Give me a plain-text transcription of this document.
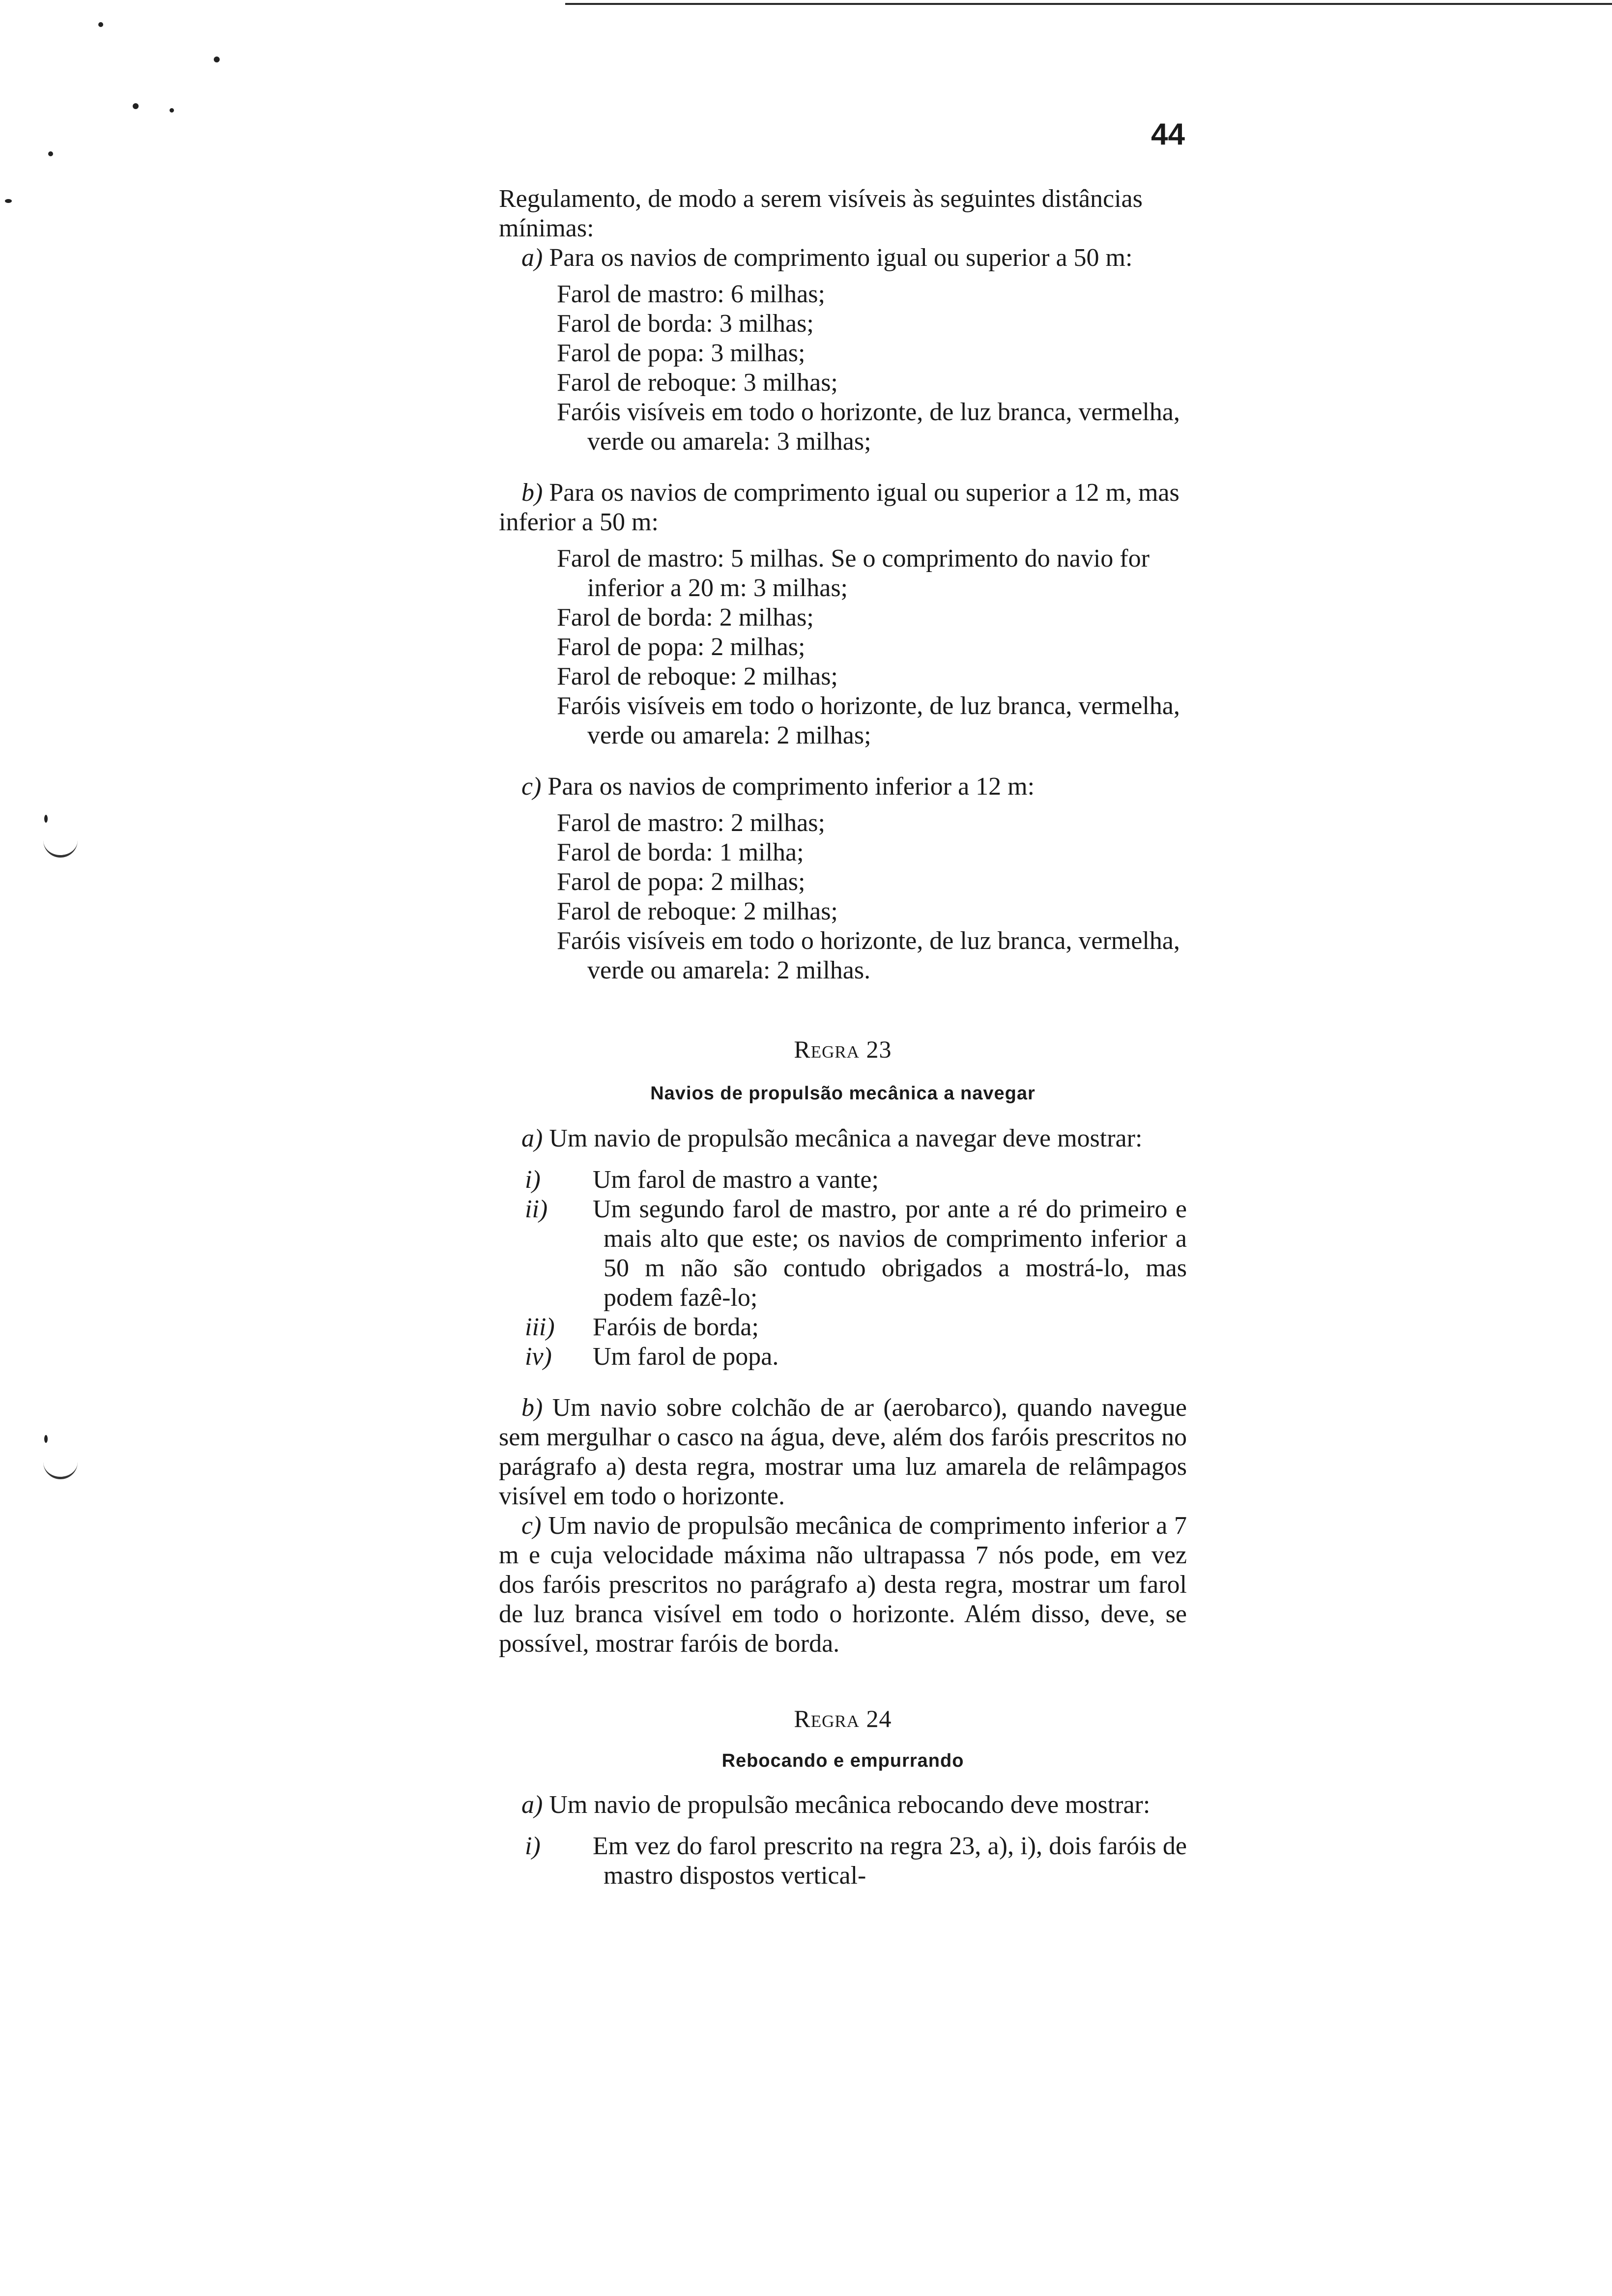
44

Regulamento, de modo a serem visíveis às seguintes distâncias mínimas:

a) Para os navios de comprimento igual ou superior a 50 m:

Farol de mastro: 6 milhas;
Farol de borda: 3 milhas;
Farol de popa: 3 milhas;
Farol de reboque: 3 milhas;
Faróis visíveis em todo o horizonte, de luz branca, vermelha, verde ou amarela: 3 milhas;

b) Para os navios de comprimento igual ou superior a 12 m, mas inferior a 50 m:

Farol de mastro: 5 milhas. Se o comprimento do navio for inferior a 20 m: 3 milhas;
Farol de borda: 2 milhas;
Farol de popa: 2 milhas;
Farol de reboque: 2 milhas;
Faróis visíveis em todo o horizonte, de luz branca, vermelha, verde ou amarela: 2 milhas;

c) Para os navios de comprimento inferior a 12 m:

Farol de mastro: 2 milhas;
Farol de borda: 1 milha;
Farol de popa: 2 milhas;
Farol de reboque: 2 milhas;
Faróis visíveis em todo o horizonte, de luz branca, vermelha, verde ou amarela: 2 milhas.
Regra 23
Navios de propulsão mecânica a navegar

a) Um navio de propulsão mecânica a navegar deve mostrar:

i) Um farol de mastro a vante;
ii) Um segundo farol de mastro, por ante a ré do primeiro e mais alto que este; os navios de comprimento inferior a 50 m não são contudo obrigados a mostrá-lo, mas podem fazê-lo;
iii) Faróis de borda;
iv) Um farol de popa.

b) Um navio sobre colchão de ar (aerobarco), quando navegue sem mergulhar o casco na água, deve, além dos faróis prescritos no parágrafo a) desta regra, mostrar uma luz amarela de relâmpagos visível em todo o horizonte.

c) Um navio de propulsão mecânica de comprimento inferior a 7 m e cuja velocidade máxima não ultrapassa 7 nós pode, em vez dos faróis prescritos no parágrafo a) desta regra, mostrar um farol de luz branca visível em todo o horizonte. Além disso, deve, se possível, mostrar faróis de borda.

Regra 24
Rebocando e empurrando

a) Um navio de propulsão mecânica rebocando deve mostrar:

i) Em vez do farol prescrito na regra 23, a), i), dois faróis de mastro dispostos vertical-
